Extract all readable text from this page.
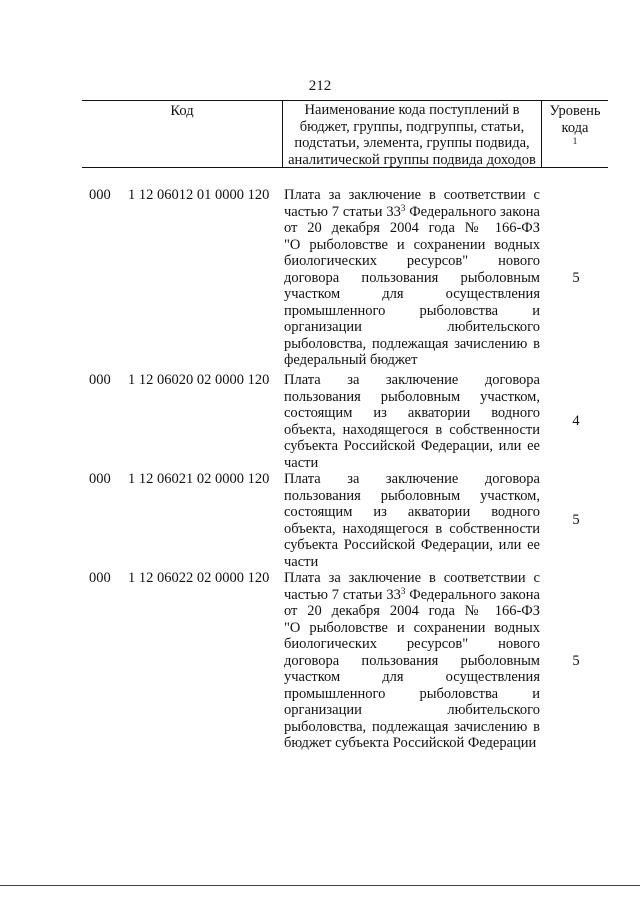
212
Код	Наименование кода поступлений в
бюджет, группы, подгруппы, статьи,
подстатьи, элемента, группы подвида,
аналитической группы подвида доходов
Уровень
кода
$^1$
000 1 12 06012 01 0000 120 Плата за заключение в соответствии с
частью 7 статьи 33$^3$ Федерального закона
от 20 декабря 2004 года № 166-ФЗ
"О рыболовстве и сохранении водных
биологических ресурсов" нового
договора пользования рыболовным
участком для осуществления
промышленного рыболовства и
организации любительского
рыболовства, подлежащая зачислению в
федеральный бюджет
5
000 1 12 06020 02 0000 120 Плата за заключение договора
пользования рыболовным участком,
состоящим из акватории водного
объекта, находящегося в собственности
субъекта Российской Федерации, или ее
части
4
000 1 12 06021 02 0000 120 Плата за заключение договора
пользования рыболовным участком,
состоящим из акватории водного
объекта, находящегося в собственности
субъекта Российской Федерации, или ее
части
5
000 1 12 06022 02 0000 120 Плата за заключение в соответствии с
частью 7 статьи 33$^3$ Федерального закона
от 20 декабря 2004 года № 166-ФЗ
"О рыболовстве и сохранении водных
биологических ресурсов" нового
договора пользования рыболовным
участком для осуществления
промышленного рыболовства и
организации любительского
рыболовства, подлежащая зачислению в
бюджет субъекта Российской Федерации
5
